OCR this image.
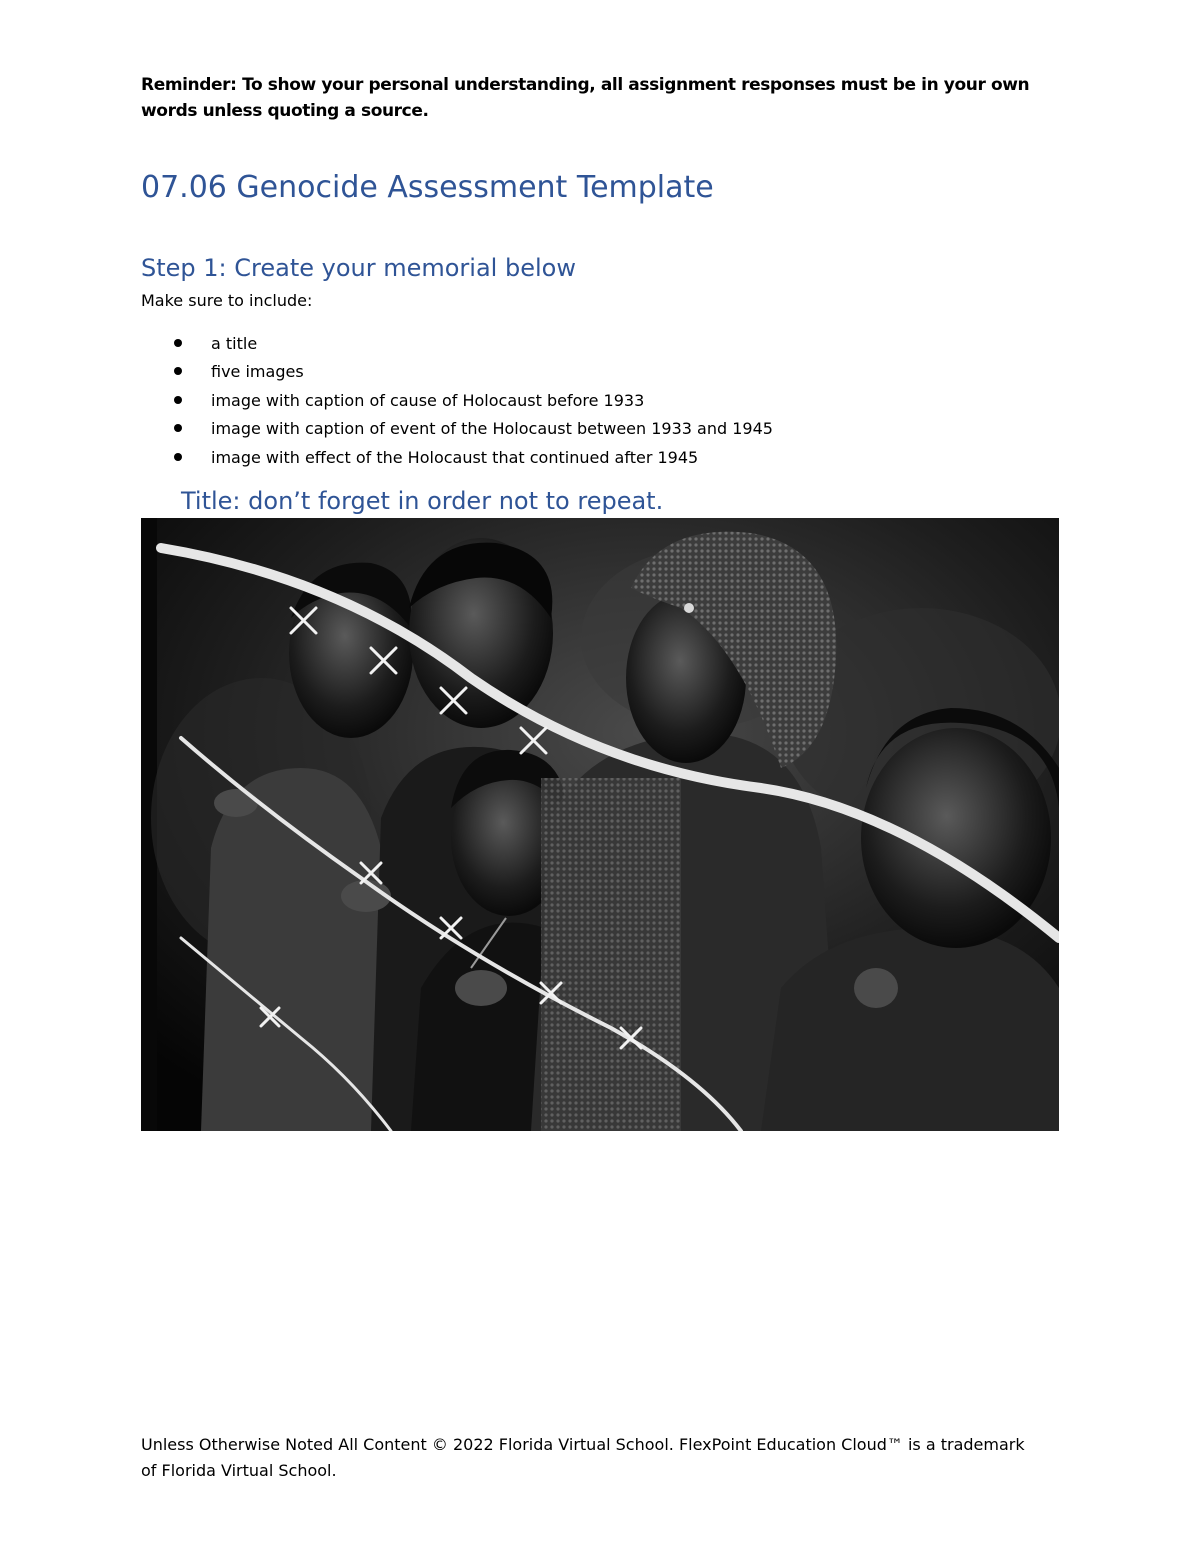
Reminder: To show your personal understanding, all assignment responses must be in your own words unless quoting a source.
07.06 Genocide Assessment Template
Step 1: Create your memorial below
Make sure to include:
a title
five images
image with caption of cause of Holocaust before 1933
image with caption of event of the Holocaust between 1933 and 1945
image with effect of the Holocaust that continued after 1945
Title: don’t forget in order not to repeat.
Unless Otherwise Noted All Content © 2022 Florida Virtual School. FlexPoint Education Cloud™ is a trademark of Florida Virtual School.
